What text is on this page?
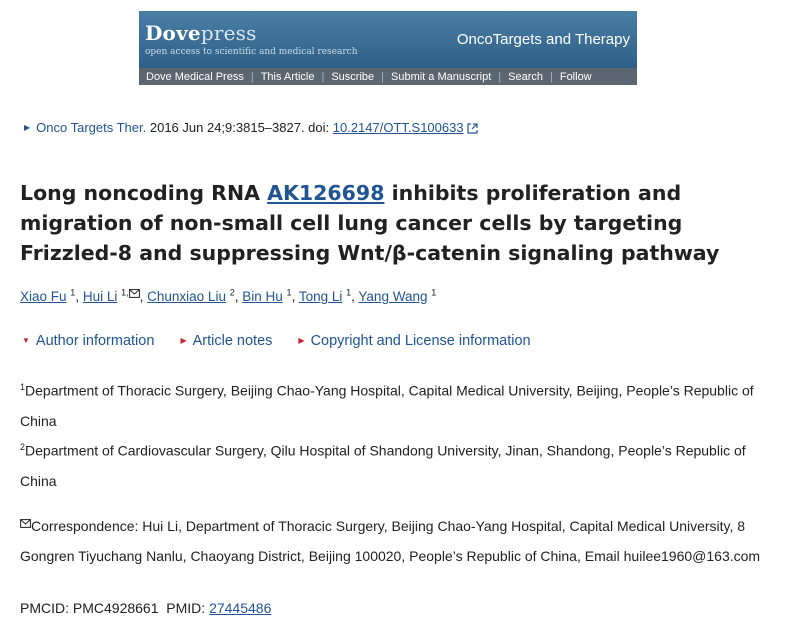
Dovepress
open access to scientific and medical research
OncoTargets and Therapy
Dove Medical Press | This Article | Suscribe | Submit a Manuscript | Search | Follow
▶ Onco Targets Ther. 2016 Jun 24;9:3815–3827. doi: 10.2147/OTT.S100633
Long noncoding RNA AK126698 inhibits proliferation and migration of non-small cell lung cancer cells by targeting Frizzled-8 and suppressing Wnt/β-catenin signaling pathway
Xiao Fu $^1$, Hui Li $^{1,}$ , Chunxiao Liu $^2$, Bin Hu $^1$, Tong Li $^1$, Yang Wang $^1$
▼ Author information	▶ Article notes	▶ Copyright and License information

$^1$Department of Thoracic Surgery, Beijing Chao-Yang Hospital, Capital Medical University, Beijing, People’s Republic of China

$^2$Department of Cardiovascular Surgery, Qilu Hospital of Shandong University, Jinan, Shandong, People’s Republic of China

Correspondence: Hui Li, Department of Thoracic Surgery, Beijing Chao-Yang Hospital, Capital Medical University, 8 Gongren Tiyuchang Nanlu, Chaoyang District, Beijing 100020, People’s Republic of China, Email huilee1960@163.com

PMCID: PMC4928661 PMID: 27445486
